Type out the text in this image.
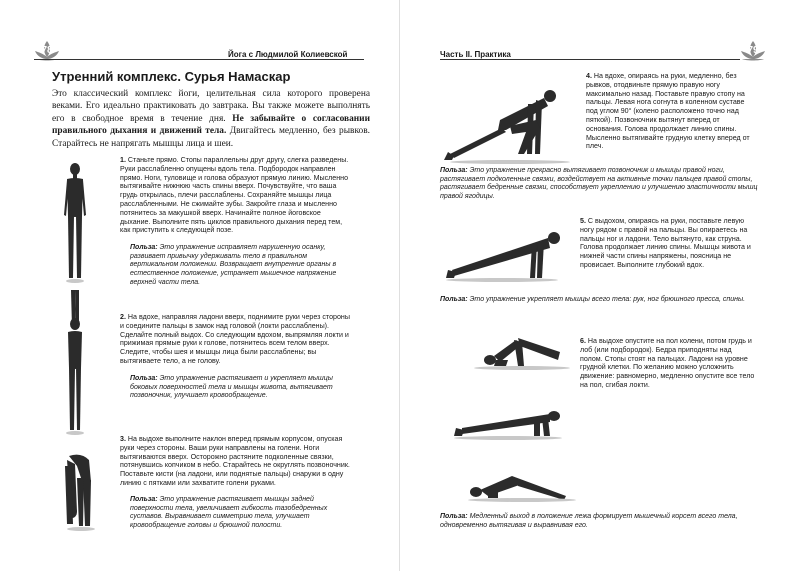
78	Йога с Людмилой Колиевской
Утренний комплекс. Сурья Намаскар

Это классический комплекс йоги, целительная сила которого проверена веками. Его идеально практиковать до завтрака. Вы также можете выполнять его в свободное время в течение дня. Не забывайте о согласовании правильного дыхания и движений тела. Двигайтесь медленно, без рывков. Старайтесь не напрягать мышцы лица и шеи.

1. Станьте прямо. Стопы параллельны друг другу, слегка разведены. Руки расслабленно опущены вдоль тела. Подбородок направлен прямо. Ноги, туловище и голова образуют прямую линию. Мысленно вытягивайте нижнюю часть спины вверх. Почувствуйте, что ваша грудь открылась, плечи расслаблены. Сохраняйте мышцы лица расслабленными. Не сжимайте зубы. Закройте глаза и мысленно потянитесь за макушкой вверх. Начинайте полное йоговское дыхание. Выполните пять циклов правильного дыхания перед тем, как приступить к следующей позе.

Польза: Это упражнение исправляет нарушенную осанку, развивает привычку удерживать тело в правильном вертикальном положении. Возвращает внутренние органы в естественное положение, устраняет мышечное напряжение верхней части тела.

2. На вдохе, направляя ладони вверх, поднимите руки через стороны и соедините пальцы в замок над головой (локти расслаблены). Сделайте полный выдох. Со следующим вдохом, выпрямляя локти и прижимая прямые руки к голове, потянитесь всем телом вверх. Следите, чтобы шея и мышцы лица были расслаблены; вы вытягиваете тело, а не голову.

Польза: Это упражнение растягивает и укрепляет мышцы боковых поверхностей тела и мышцы живота, вытягивает позвоночник, улучшает кровообращение.

3. На выдохе выполните наклон вперед прямым корпусом, опуская руки через стороны. Ваши руки направлены на голени. Ноги вытягиваются вверх. Осторожно растяните подколенные связки, потянувшись копчиком в небо. Старайтесь не округлять позвоночник. Поставьте кисти (на ладони, или поднятые пальцы) снаружи в одну линию с пятками или захватите голени руками.

Польза: Это упражнение растягивает мышцы задней поверхности тела, увеличивает гибкость тазобедренных суставов. Выравнивает симметрию тела, улучшает кровообращение головы и брюшной полости.

79
Часть II. Практика

4. На вдохе, опираясь на руки, медленно, без рывков, отодвиньте прямую правую ногу максимально назад. Поставьте правую стопу на пальцы. Левая нога согнута в коленном суставе под углом 90° (колено расположено точно над пяткой). Позвоночник вытянут вперед от основания. Голова продолжает линию спины. Мысленно вытягивайте грудную клетку вперед от плеч.

Польза: Это упражнение прекрасно вытягивает позвоночник и мышцы правой ноги, растягивает подколенные связки, воздействует на активные точки пальцев правой стопы, растягивает бедренные связки, способствует укреплению и улучшению эластичности мышц правой ягодицы.

5. С выдохом, опираясь на руки, поставьте левую ногу рядом с правой на пальцы. Вы опираетесь на пальцы ног и ладони. Тело вытянуто, как струна. Голова продолжает линию спины. Мышцы живота и нижней части спины напряжены, поясница не провисает. Выполните глубокий вдох.

Польза: Это упражнение укрепляет мышцы всего тела: рук, ног брюшного пресса, спины.

6. На выдохе опустите на пол колени, потом грудь и лоб (или подбородок). Бедра приподняты над полом. Стопы стоят на пальцах. Ладони на уровне грудной клетки. По желанию можно усложнить движение: равномерно, медленно опустите все тело на пол, сгибая локти.

Польза: Медленный выход в положение лежа формирует мышечный корсет всего тела, одновременно вытягивая и выравнивая его.
